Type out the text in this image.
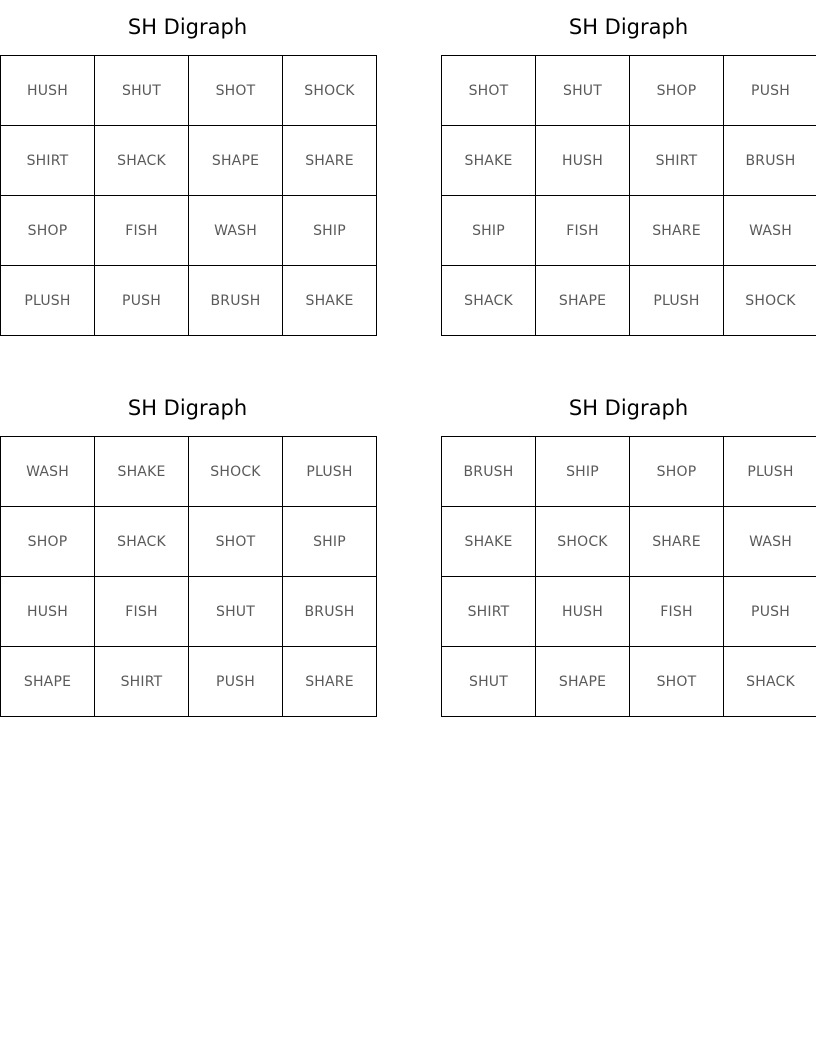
SH Digraph
HUSH	SHUT	SHOT	SHOCK
SHIRT	SHACK	SHAPE	SHARE
SHOP	FISH	WASH	SHIP
PLUSH	PUSH	BRUSH	SHAKE
SH Digraph
SHOT	SHUT	SHOP	PUSH
SHAKE	HUSH	SHIRT	BRUSH
SHIP	FISH	SHARE	WASH
SHACK	SHAPE	PLUSH	SHOCK
SH Digraph
WASH	SHAKE	SHOCK	PLUSH
SHOP	SHACK	SHOT	SHIP
HUSH	FISH	SHUT	BRUSH
SHAPE	SHIRT	PUSH	SHARE
SH Digraph
BRUSH	SHIP	SHOP	PLUSH
SHAKE	SHOCK	SHARE	WASH
SHIRT	HUSH	FISH	PUSH
SHUT	SHAPE	SHOT	SHACK
